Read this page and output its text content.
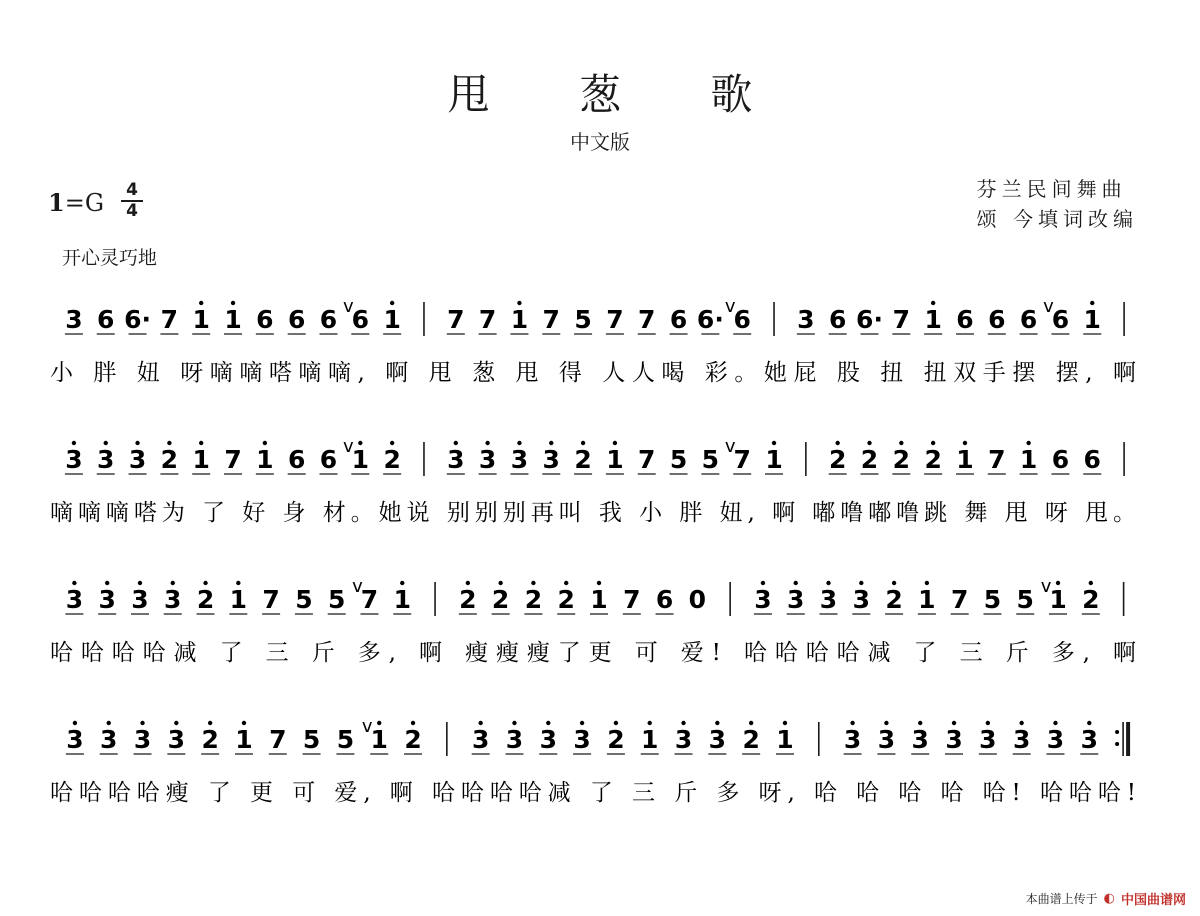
甩 葱 歌
中文版
1=G 4
4
芬兰民间舞曲
颂 今填词改编
开心灵巧地
3 6 6· 7 1 1 6 6 6 v
6 1 7 7 1 7 5 7 7 6 6· v
6 3 6 6· 7 1 6 6 6 v
6 1
小 胖 妞 呀嘀嘀嗒嘀嘀, 啊 甩 葱 甩 得 人人喝 彩。她屁 股 扭 扭双手摆 摆, 啊
3 3 3 2 1 7 1 6 6 v
1 2 3 3 3 3 2 1 7 5 5 v
7 1 2 2 2 2 1 7 1 6 6
嘀嘀嘀嗒为 了 好 身 材。她说 别别别再叫 我 小 胖 妞, 啊 嘟噜嘟噜跳 舞 甩 呀 甩。
3 3 3 3 2 1 7 5 5 v
7 1 2 2 2 2 1 7 6 0 3 3 3 3 2 1 7 5 5 v
1 2
哈哈哈哈减 了 三 斤 多, 啊 瘦瘦瘦了更 可 爱! 哈哈哈哈减 了 三 斤 多, 啊
3 3 3 3 2 1 7 5 5 v
1 2 3 3 3 3 2 1 3 3 2 1 3 3 3 3 3 3 3 3
哈哈哈哈瘦 了 更 可 爱, 啊 哈哈哈哈减 了 三 斤 多 呀, 哈 哈 哈 哈 哈! 哈哈哈!
本曲谱上传于 ◐ 中国曲谱网
